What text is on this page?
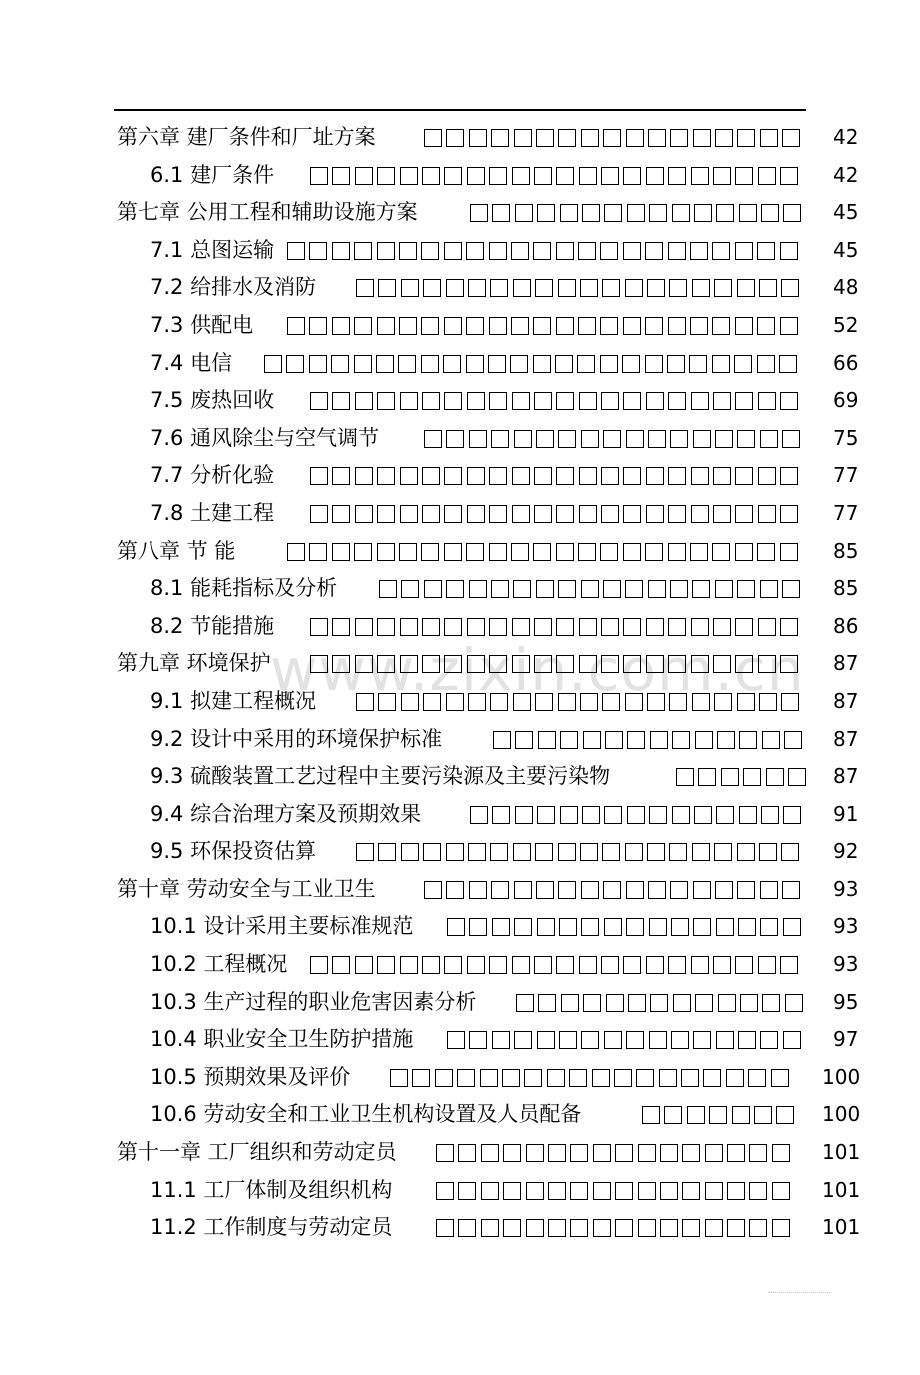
www.zixin.com.cn
第六章 建厂条件和厂址方案	42
6.1 建厂条件	42
第七章 公用工程和辅助设施方案	45
7.1 总图运输	45
7.2 给排水及消防	48
7.3 供配电	52
7.4 电信	66
7.5 废热回收	69
7.6 通风除尘与空气调节	75
7.7 分析化验	77
7.8 土建工程	77
第八章 节 能	85
8.1 能耗指标及分析	85
8.2 节能措施	86
第九章 环境保护	87
9.1 拟建工程概况	87
9.2 设计中采用的环境保护标准	87
9.3 硫酸装置工艺过程中主要污染源及主要污染物	87
9.4 综合治理方案及预期效果	91
9.5 环保投资估算	92
第十章 劳动安全与工业卫生	93
10.1 设计采用主要标准规范	93
10.2 工程概况	93
10.3 生产过程的职业危害因素分析	95
10.4 职业安全卫生防护措施	97
10.5 预期效果及评价	100
10.6 劳动安全和工业卫生机构设置及人员配备	100
第十一章 工厂组织和劳动定员	101
11.1 工厂体制及组织机构	101
11.2 工作制度与劳动定员	101
